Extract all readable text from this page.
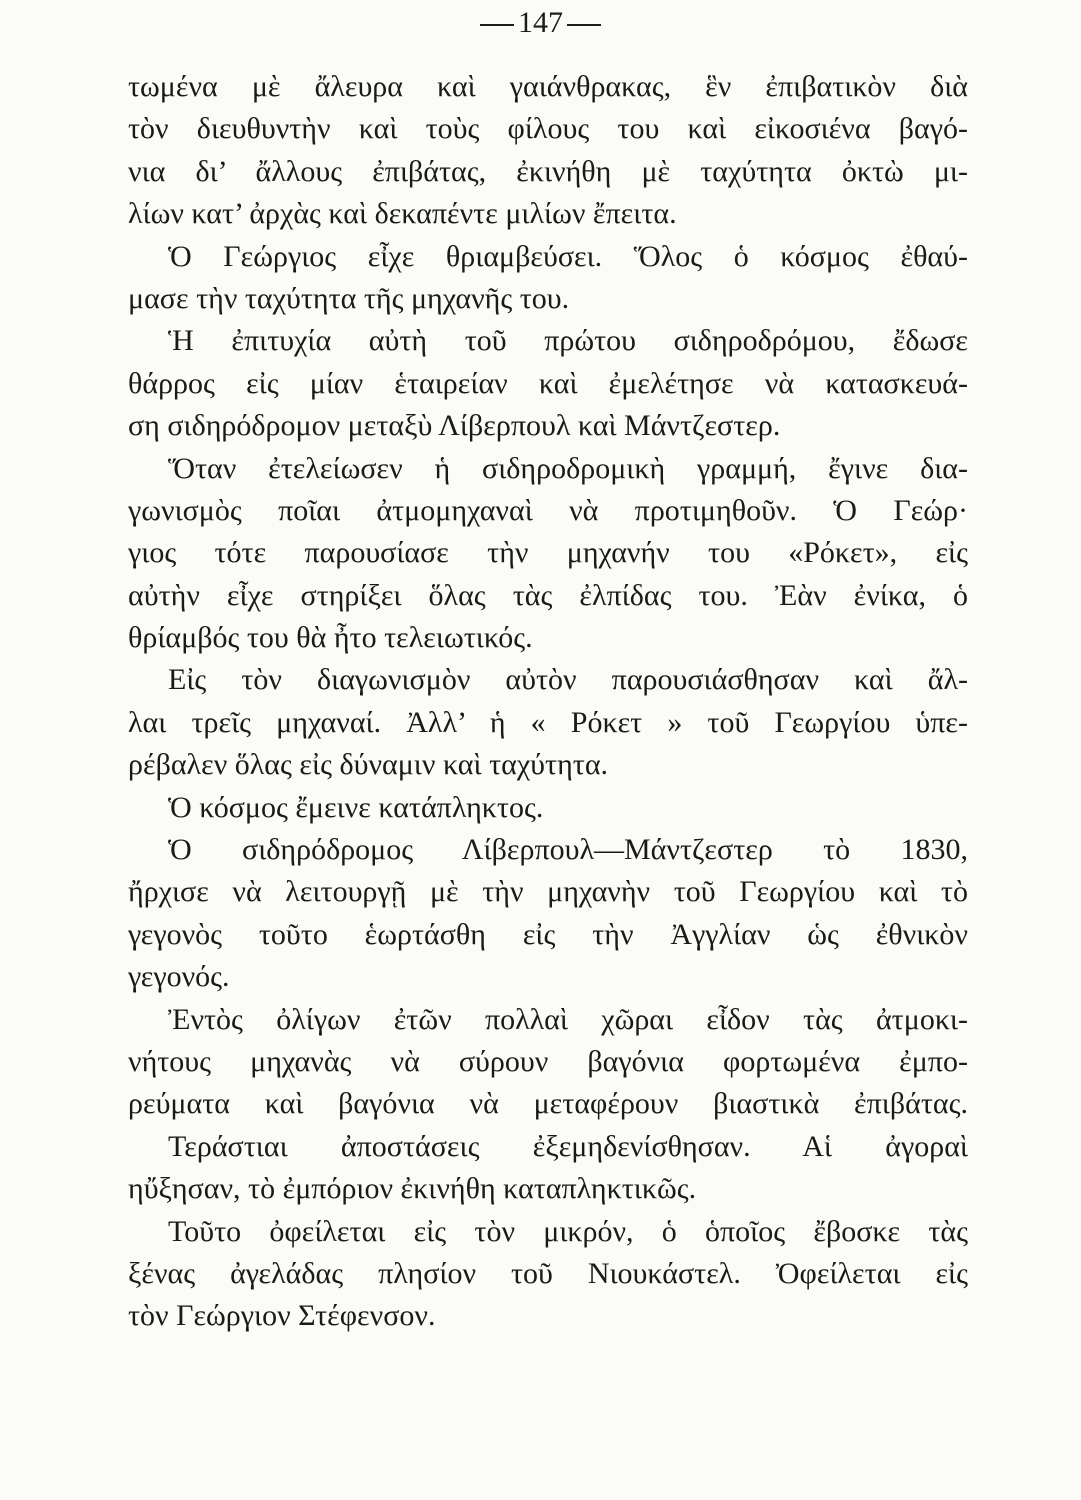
147
τωμένα μὲ ἄλευρα καὶ γαιάνθρακας, ἓν ἐπιβατικὸν διὰ
τὸν διευθυντὴν καὶ τοὺς φίλους του καὶ εἰκοσιένα βαγό-
νια δι’ ἄλλους ἐπιβάτας, ἐκινήθη μὲ ταχύτητα ὀκτὼ μι-
λίων κατ’ ἀρχὰς καὶ δεκαπέντε μιλίων ἔπειτα.
Ὁ Γεώργιος εἶχε θριαμβεύσει. Ὅλος ὁ κόσμος ἐθαύ-
μασε τὴν ταχύτητα τῆς μηχανῆς του.
Ἡ ἐπιτυχία αὐτὴ τοῦ πρώτου σιδηροδρόμου, ἔδωσε
θάρρος εἰς μίαν ἑταιρείαν καὶ ἐμελέτησε νὰ κατασκευά-
ση σιδηρόδρομον μεταξὺ Λίβερπουλ καὶ Μάντζεστερ.
Ὅταν ἐτελείωσεν ἡ σιδηροδρομικὴ γραμμή, ἔγινε δια-
γωνισμὸς ποῖαι ἀτμομηχαναὶ νὰ προτιμηθοῦν. Ὁ Γεώρ·
γιος τότε παρουσίασε τὴν μηχανήν του «Ρόκετ», εἰς
αὐτὴν εἶχε στηρίξει ὅλας τὰς ἐλπίδας του. Ἐὰν ἐνίκα, ὁ
θρίαμβός του θὰ ἦτο τελειωτικός.
Εἰς τὸν διαγωνισμὸν αὐτὸν παρουσιάσθησαν καὶ ἄλ-
λαι τρεῖς μηχαναί. Ἀλλ’ ἡ « Ρόκετ » τοῦ Γεωργίου ὑπε-
ρέβαλεν ὅλας εἰς δύναμιν καὶ ταχύτητα.
Ὁ κόσμος ἔμεινε κατάπληκτος.
Ὁ σιδηρόδρομος Λίβερπουλ—Μάντζεστερ τὸ 1830,
ἤρχισε νὰ λειτουργῇ μὲ τὴν μηχανὴν τοῦ Γεωργίου καὶ τὸ
γεγονὸς τοῦτο ἑωρτάσθη εἰς τὴν Ἀγγλίαν ὡς ἐθνικὸν
γεγονός.
Ἐντὸς ὀλίγων ἐτῶν πολλαὶ χῶραι εἶδον τὰς ἀτμοκι-
νήτους μηχανὰς νὰ σύρουν βαγόνια φορτωμένα ἐμπο-
ρεύματα καὶ βαγόνια νὰ μεταφέρουν βιαστικὰ ἐπιβάτας.
Τεράστιαι ἀποστάσεις ἐξεμηδενίσθησαν. Αἱ ἀγοραὶ
ηὔξησαν, τὸ ἐμπόριον ἐκινήθη καταπληκτικῶς.
Τοῦτο ὀφείλεται εἰς τὸν μικρόν, ὁ ὁποῖος ἔβοσκε τὰς
ξένας ἀγελάδας πλησίον τοῦ Νιουκάστελ. Ὀφείλεται εἰς
τὸν Γεώργιον Στέφενσον.
